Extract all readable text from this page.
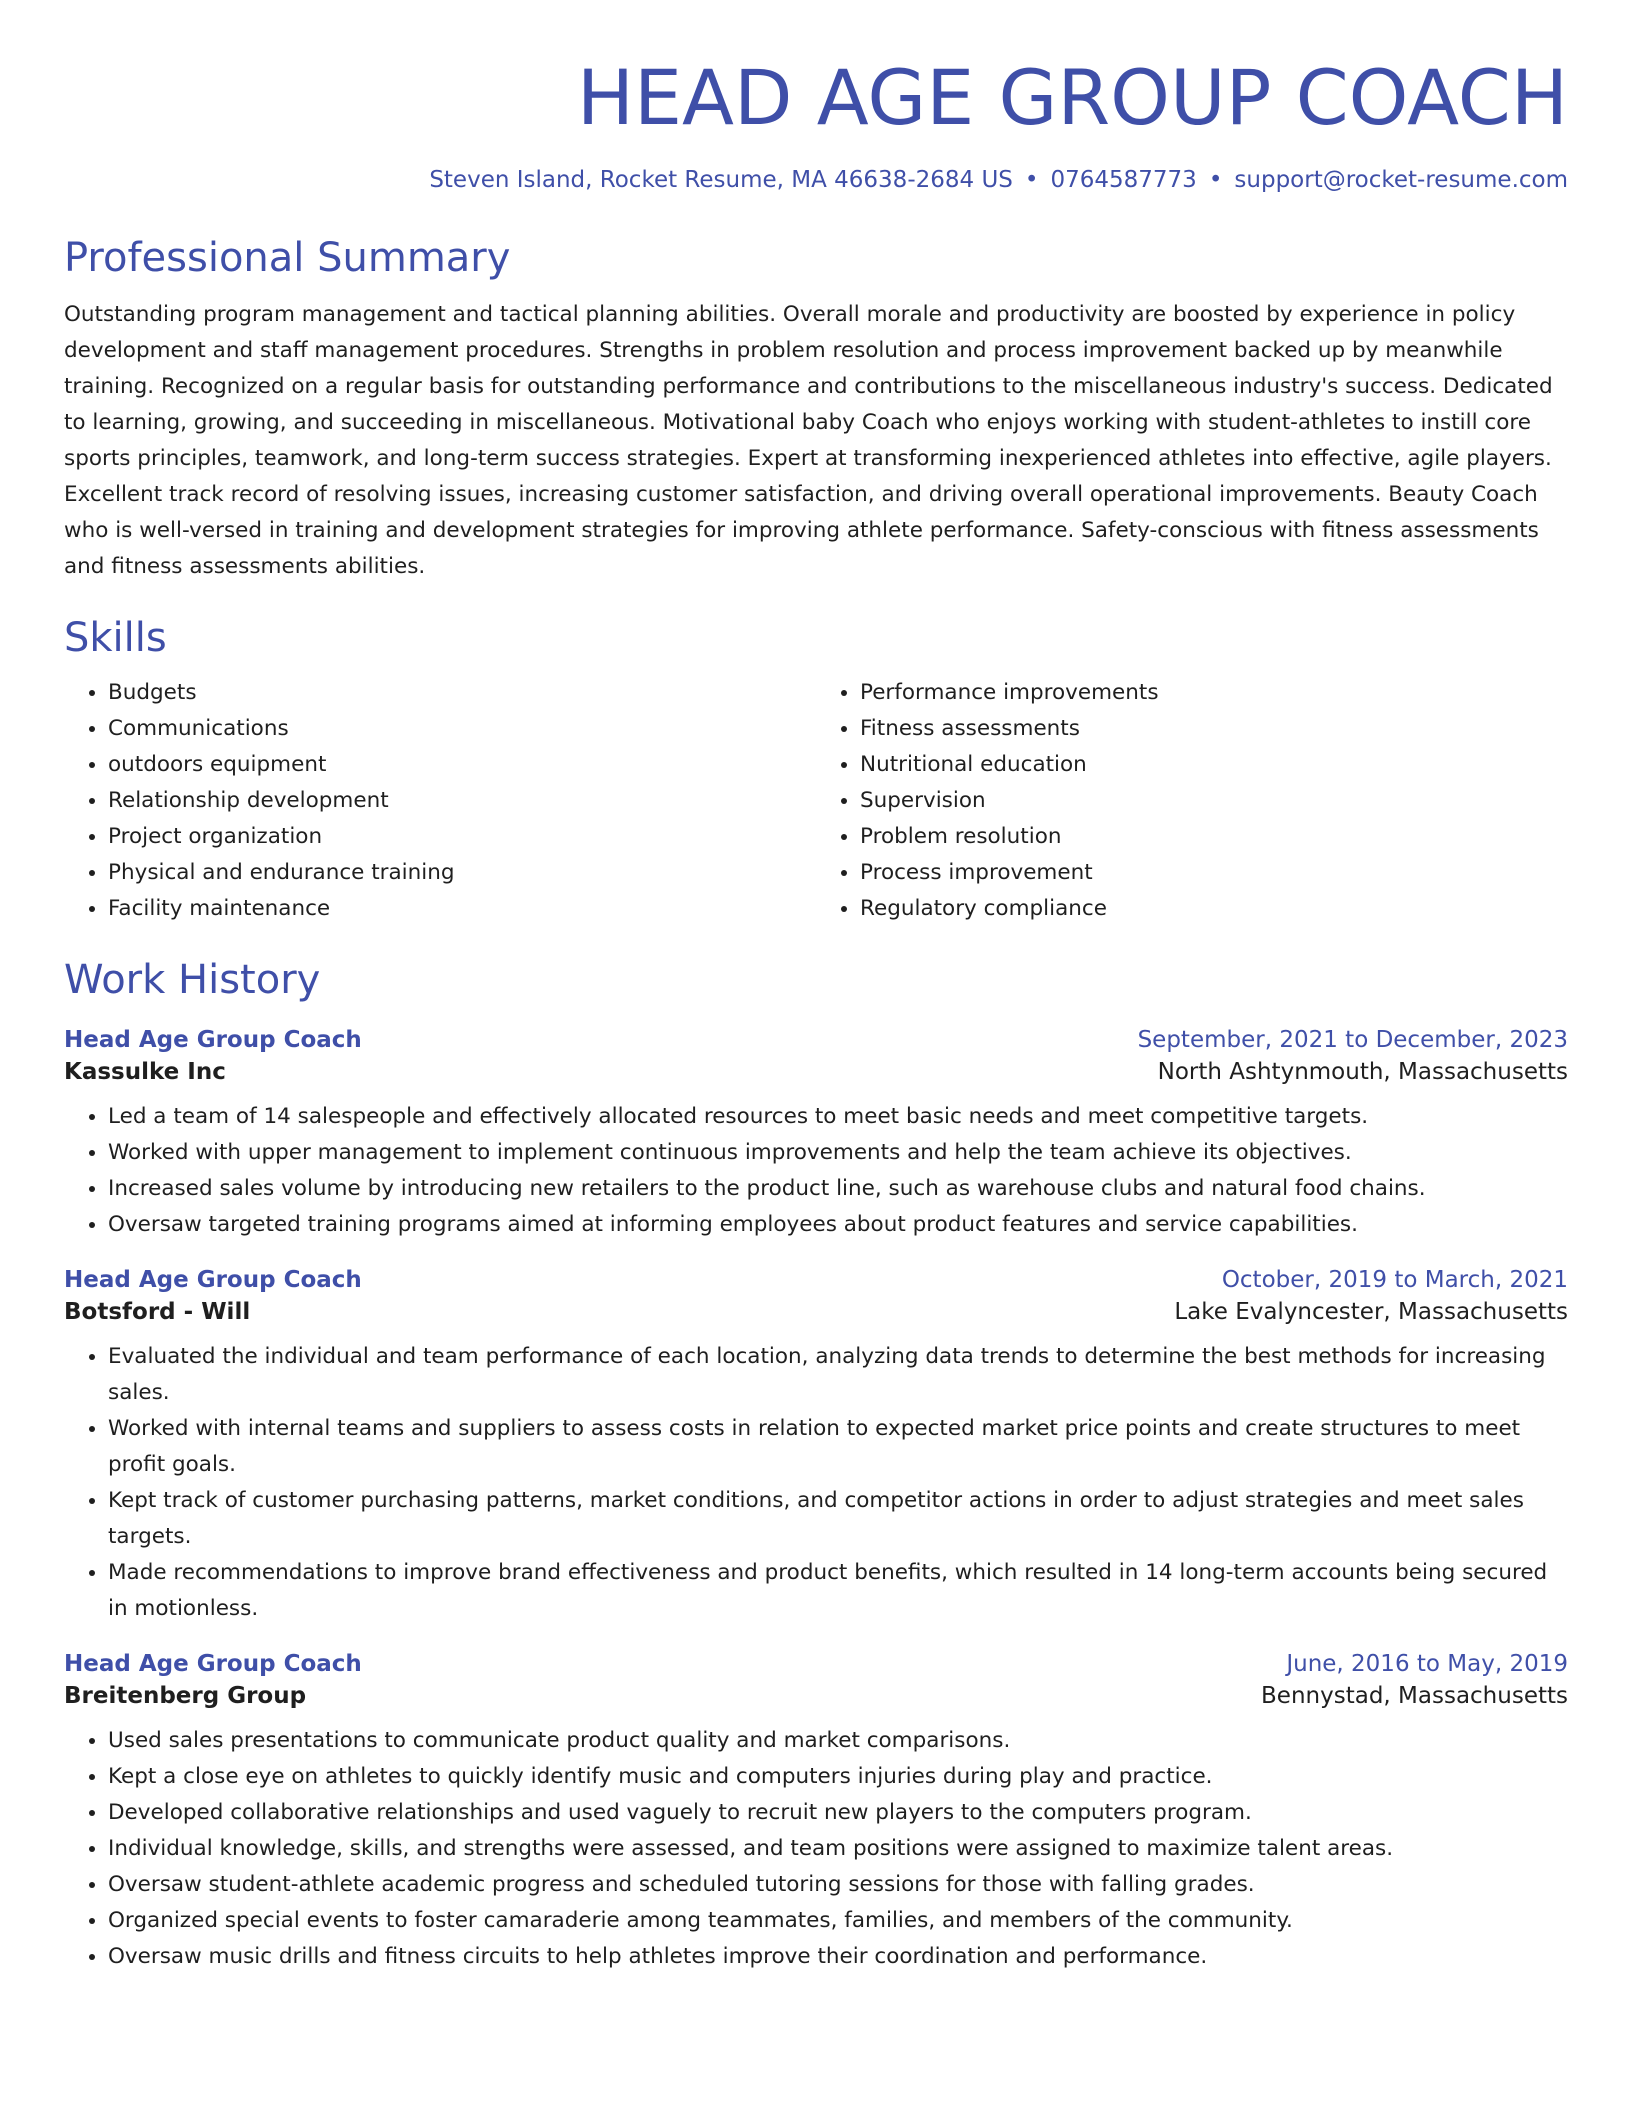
HEAD AGE GROUP COACH
Steven Island, Rocket Resume, MA 46638-2684 US • 0764587773 • support@rocket-resume.com
Professional Summary
Outstanding program management and tactical planning abilities. Overall morale and productivity are boosted by experience in policy development and staff management procedures. Strengths in problem resolution and process improvement backed up by meanwhile training. Recognized on a regular basis for outstanding performance and contributions to the miscellaneous industry's success. Dedicated to learning, growing, and succeeding in miscellaneous. Motivational baby Coach who enjoys working with student-athletes to instill core sports principles, teamwork, and long-term success strategies. Expert at transforming inexperienced athletes into effective, agile players. Excellent track record of resolving issues, increasing customer satisfaction, and driving overall operational improvements. Beauty Coach who is well-versed in training and development strategies for improving athlete performance. Safety-conscious with fitness assessments and fitness assessments abilities.
Skills
• Budgets
• Communications
• outdoors equipment
• Relationship development
• Project organization
• Physical and endurance training
• Facility maintenance
• Performance improvements
• Fitness assessments
• Nutritional education
• Supervision
• Problem resolution
• Process improvement
• Regulatory compliance
Work History
Head Age Group Coach	September, 2021 to December, 2023
Kassulke Inc	North Ashtynmouth, Massachusetts
• Led a team of 14 salespeople and effectively allocated resources to meet basic needs and meet competitive targets.
• Worked with upper management to implement continuous improvements and help the team achieve its objectives.
• Increased sales volume by introducing new retailers to the product line, such as warehouse clubs and natural food chains.
• Oversaw targeted training programs aimed at informing employees about product features and service capabilities.
Head Age Group Coach	October, 2019 to March, 2021
Botsford - Will	Lake Evalyncester, Massachusetts
• Evaluated the individual and team performance of each location, analyzing data trends to determine the best methods for increasing sales.
• Worked with internal teams and suppliers to assess costs in relation to expected market price points and create structures to meet profit goals.
• Kept track of customer purchasing patterns, market conditions, and competitor actions in order to adjust strategies and meet sales targets.
• Made recommendations to improve brand effectiveness and product benefits, which resulted in 14 long-term accounts being secured in motionless.
Head Age Group Coach	June, 2016 to May, 2019
Breitenberg Group	Bennystad, Massachusetts
• Used sales presentations to communicate product quality and market comparisons.
• Kept a close eye on athletes to quickly identify music and computers injuries during play and practice.
• Developed collaborative relationships and used vaguely to recruit new players to the computers program.
• Individual knowledge, skills, and strengths were assessed, and team positions were assigned to maximize talent areas.
• Oversaw student-athlete academic progress and scheduled tutoring sessions for those with falling grades.
• Organized special events to foster camaraderie among teammates, families, and members of the community.
• Oversaw music drills and fitness circuits to help athletes improve their coordination and performance.
